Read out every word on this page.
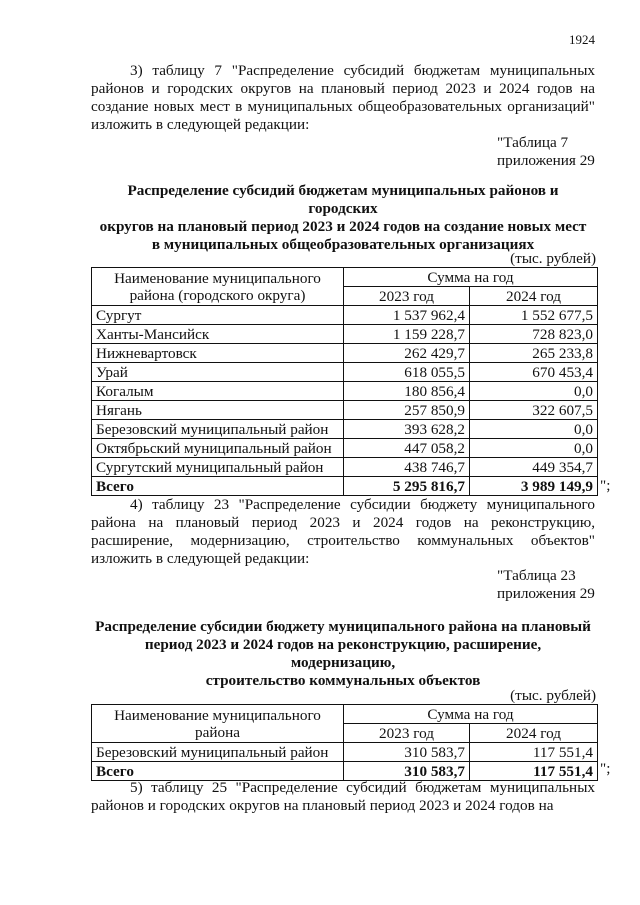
1924
3) таблицу 7 "Распределение субсидий бюджетам муниципальных районов и городских округов на плановый период 2023 и 2024 годов на создание новых мест в муниципальных общеобразовательных организаций" изложить в следующей редакции:
"Таблица 7
приложения 29
Распределение субсидий бюджетам муниципальных районов и городских
округов на плановый период 2023 и 2024 годов на создание новых мест
в муниципальных общеобразовательных организациях
(тыс. рублей)
Наименование муниципального
района (городского округа)	Сумма на год	
	2023 год	2024 год
Сургут	1 537 962,4	1 552 677,5
Ханты-Мансийск	1 159 228,7	728 823,0
Нижневартовск	262 429,7	265 233,8
Урай	618 055,5	670 453,4
Когалым	180 856,4	0,0
Нягань	257 850,9	322 607,5
Березовский муниципальный район	393 628,2	0,0
Октябрьский муниципальный район	447 058,2	0,0
Сургутский муниципальный район	438 746,7	449 354,7
Всего	5 295 816,7	3 989 149,9 ";
4) таблицу 23 "Распределение субсидии бюджету муниципального района на плановый период 2023 и 2024 годов на реконструкцию, расширение, модернизацию, строительство коммунальных объектов" изложить в следующей редакции:
"Таблица 23
приложения 29
Распределение субсидии бюджету муниципального района на плановый
период 2023 и 2024 годов на реконструкцию, расширение, модернизацию,
строительство коммунальных объектов
(тыс. рублей)
Наименование муниципального
района	Сумма на год	
	2023 год	2024 год
Березовский муниципальный район	310 583,7	117 551,4
Всего	310 583,7	117 551,4 ";
5) таблицу 25 "Распределение субсидий бюджетам муниципальных районов и городских округов на плановый период 2023 и 2024 годов на
